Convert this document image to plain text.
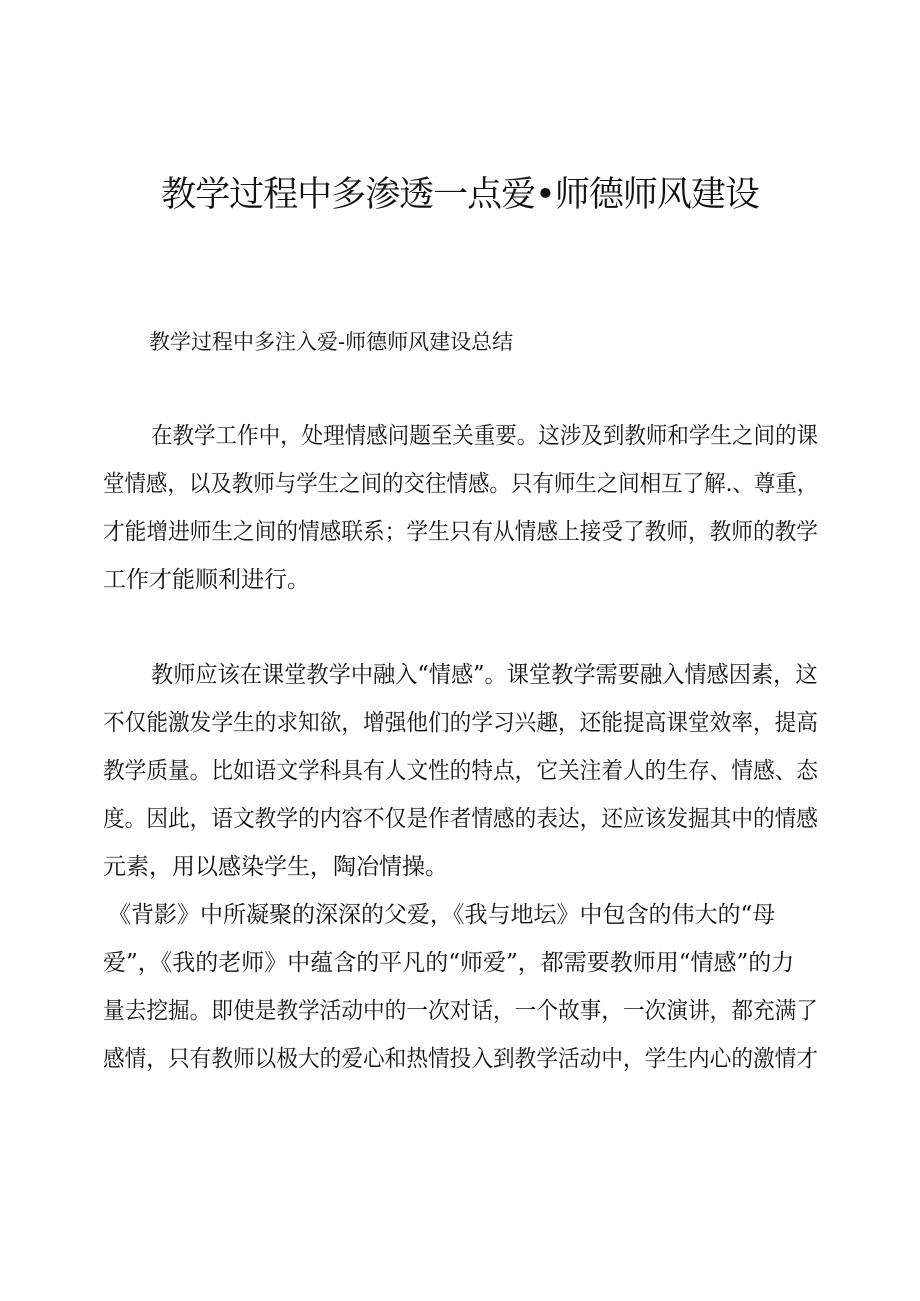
教学过程中多渗透一点爱•师德师风建设
教学过程中多注入爱-师德师风建设总结
在教学工作中，处理情感问题至关重要。这涉及到教师和学生之间的课
堂情感，以及教师与学生之间的交往情感。只有师生之间相互了解.、尊重，
才能增进师生之间的情感联系；学生只有从情感上接受了教师，教师的教学
工作才能顺利进行。
教师应该在课堂教学中融入“情感”。课堂教学需要融入情感因素，这
不仅能激发学生的求知欲，增强他们的学习兴趣，还能提高课堂效率，提高
教学质量。比如语文学科具有人文性的特点，它关注着人的生存、情感、态
度。因此，语文教学的内容不仅是作者情感的表达，还应该发掘其中的情感
元素，用以感染学生，陶冶情操。
《背影》中所凝聚的深深的父爱，《我与地坛》中包含的伟大的“母
爱”，《我的老师》中蕴含的平凡的“师爱”，都需要教师用“情感”的力
量去挖掘。即使是教学活动中的一次对话，一个故事，一次演讲，都充满了
感情，只有教师以极大的爱心和热情投入到教学活动中，学生内心的激情才
